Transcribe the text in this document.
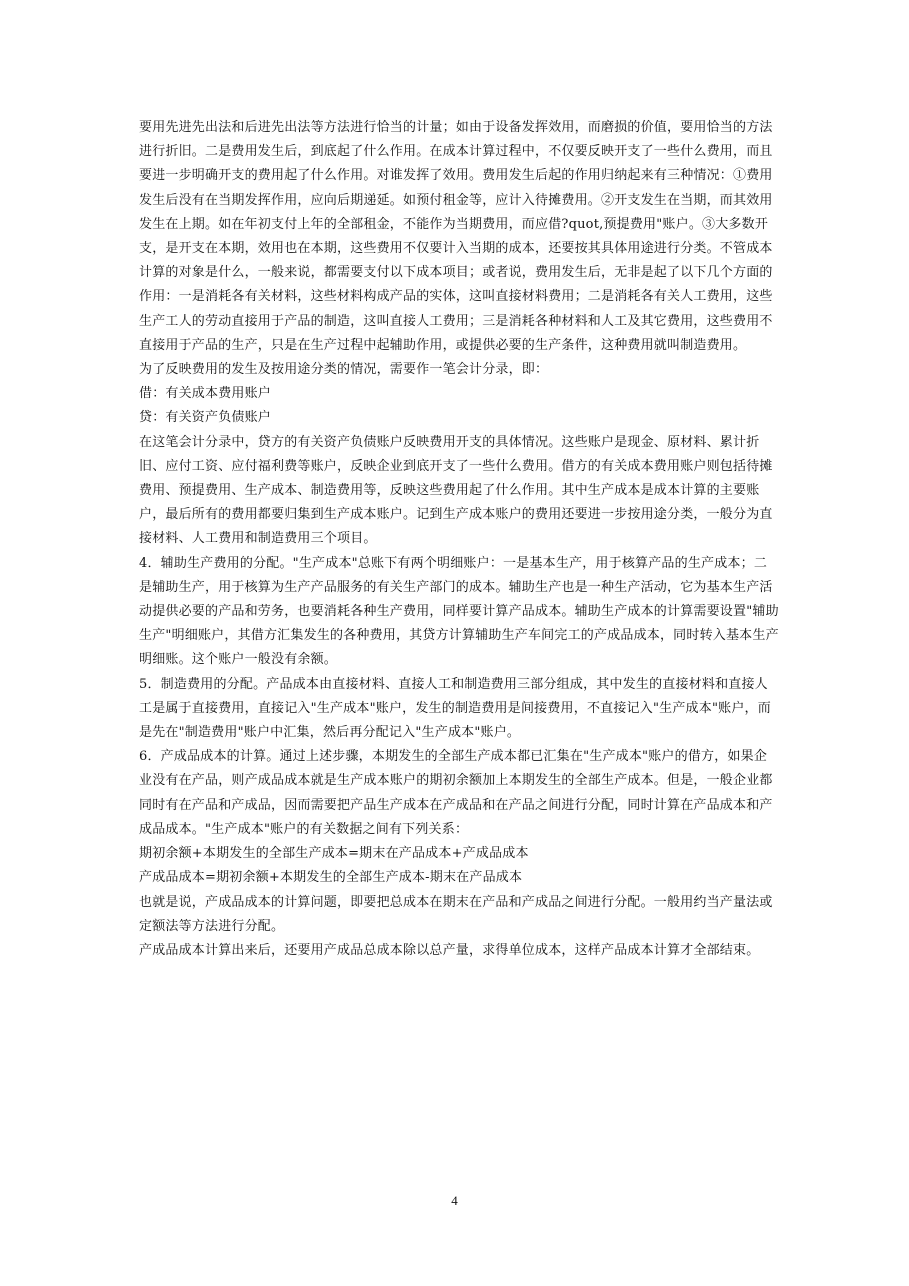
要用先进先出法和后进先出法等方法进行恰当的计量；如由于设备发挥效用，而磨损的价值，要用恰当的方法进行折旧。二是费用发生后，到底起了什么作用。在成本计算过程中，不仅要反映开支了一些什么费用，而且要进一步明确开支的费用起了什么作用。对谁发挥了效用。费用发生后起的作用归纳起来有三种情况：①费用发生后没有在当期发挥作用，应向后期递延。如预付租金等，应计入待摊费用。②开支发生在当期，而其效用发生在上期。如在年初支付上年的全部租金，不能作为当期费用，而应借?quot,预提费用"账户。③大多数开支，是开支在本期，效用也在本期，这些费用不仅要计入当期的成本，还要按其具体用途进行分类。不管成本计算的对象是什么，一般来说，都需要支付以下成本项目；或者说，费用发生后，无非是起了以下几个方面的作用：一是消耗各有关材料，这些材料构成产品的实体，这叫直接材料费用；二是消耗各有关人工费用，这些生产工人的劳动直接用于产品的制造，这叫直接人工费用；三是消耗各种材料和人工及其它费用，这些费用不直接用于产品的生产，只是在生产过程中起辅助作用，或提供必要的生产条件，这种费用就叫制造费用。

为了反映费用的发生及按用途分类的情况，需要作一笔会计分录，即：

借：有关成本费用账户

贷：有关资产负债账户

在这笔会计分录中，贷方的有关资产负债账户反映费用开支的具体情况。这些账户是现金、原材料、累计折旧、应付工资、应付福利费等账户，反映企业到底开支了一些什么费用。借方的有关成本费用账户则包括待摊费用、预提费用、生产成本、制造费用等，反映这些费用起了什么作用。其中生产成本是成本计算的主要账户，最后所有的费用都要归集到生产成本账户。记到生产成本账户的费用还要进一步按用途分类，一般分为直接材料、人工费用和制造费用三个项目。

4．辅助生产费用的分配。"生产成本"总账下有两个明细账户：一是基本生产，用于核算产品的生产成本；二是辅助生产，用于核算为生产产品服务的有关生产部门的成本。辅助生产也是一种生产活动，它为基本生产活动提供必要的产品和劳务，也要消耗各种生产费用，同样要计算产品成本。辅助生产成本的计算需要设置"辅助生产"明细账户，其借方汇集发生的各种费用，其贷方计算辅助生产车间完工的产成品成本，同时转入基本生产明细账。这个账户一般没有余额。

5．制造费用的分配。产品成本由直接材料、直接人工和制造费用三部分组成，其中发生的直接材料和直接人工是属于直接费用，直接记入"生产成本"账户，发生的制造费用是间接费用，不直接记入"生产成本"账户，而是先在"制造费用"账户中汇集，然后再分配记入"生产成本"账户。

6．产成品成本的计算。通过上述步骤，本期发生的全部生产成本都已汇集在"生产成本"账户的借方，如果企业没有在产品，则产成品成本就是生产成本账户的期初余额加上本期发生的全部生产成本。但是，一般企业都同时有在产品和产成品，因而需要把产品生产成本在产成品和在产品之间进行分配，同时计算在产品成本和产成品成本。"生产成本"账户的有关数据之间有下列关系：

期初余额+本期发生的全部生产成本=期末在产品成本+产成品成本

产成品成本=期初余额+本期发生的全部生产成本-期末在产品成本

也就是说，产成品成本的计算问题，即要把总成本在期末在产品和产成品之间进行分配。一般用约当产量法或定额法等方法进行分配。

产成品成本计算出来后，还要用产成品总成本除以总产量，求得单位成本，这样产品成本计算才全部结束。

4
